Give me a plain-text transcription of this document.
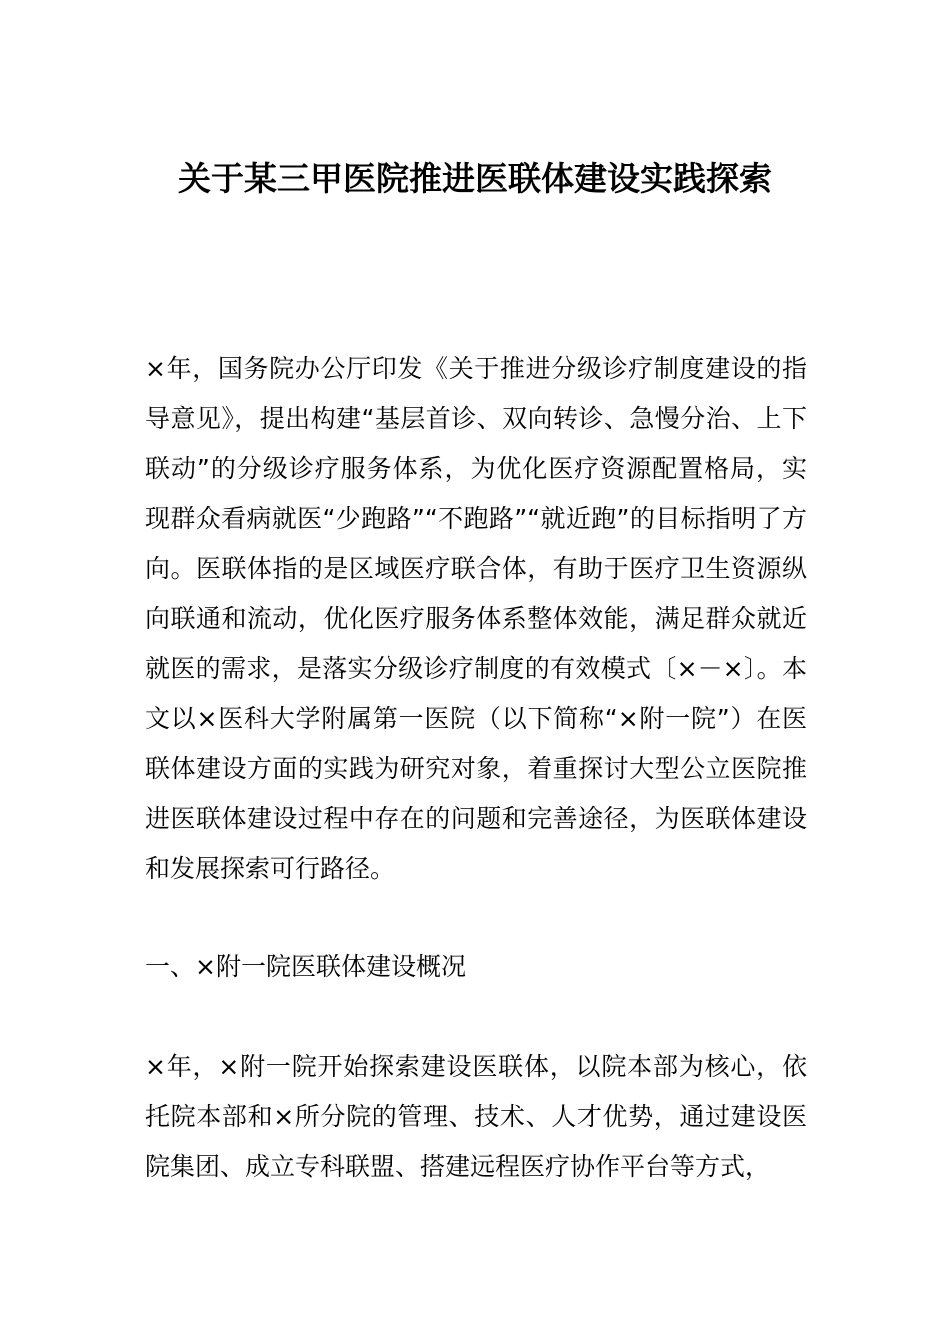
关于某三甲医院推进医联体建设实践探索

×年，国务院办公厅印发《关于推进分级诊疗制度建设的指导意见》，提出构建“基层首诊、双向转诊、急慢分治、上下联动”的分级诊疗服务体系，为优化医疗资源配置格局，实现群众看病就医“少跑路”“不跑路”“就近跑”的目标指明了方向。医联体指的是区域医疗联合体，有助于医疗卫生资源纵向联通和流动，优化医疗服务体系整体效能，满足群众就近就医的需求，是落实分级诊疗制度的有效模式〔×－×〕。本文以×医科大学附属第一医院（以下简称“×附一院”）在医联体建设方面的实践为研究对象，着重探讨大型公立医院推进医联体建设过程中存在的问题和完善途径，为医联体建设和发展探索可行路径。

一、×附一院医联体建设概况

×年，×附一院开始探索建设医联体，以院本部为核心，依托院本部和×所分院的管理、技术、人才优势，通过建设医院集团、成立专科联盟、搭建远程医疗协作平台等方式，
